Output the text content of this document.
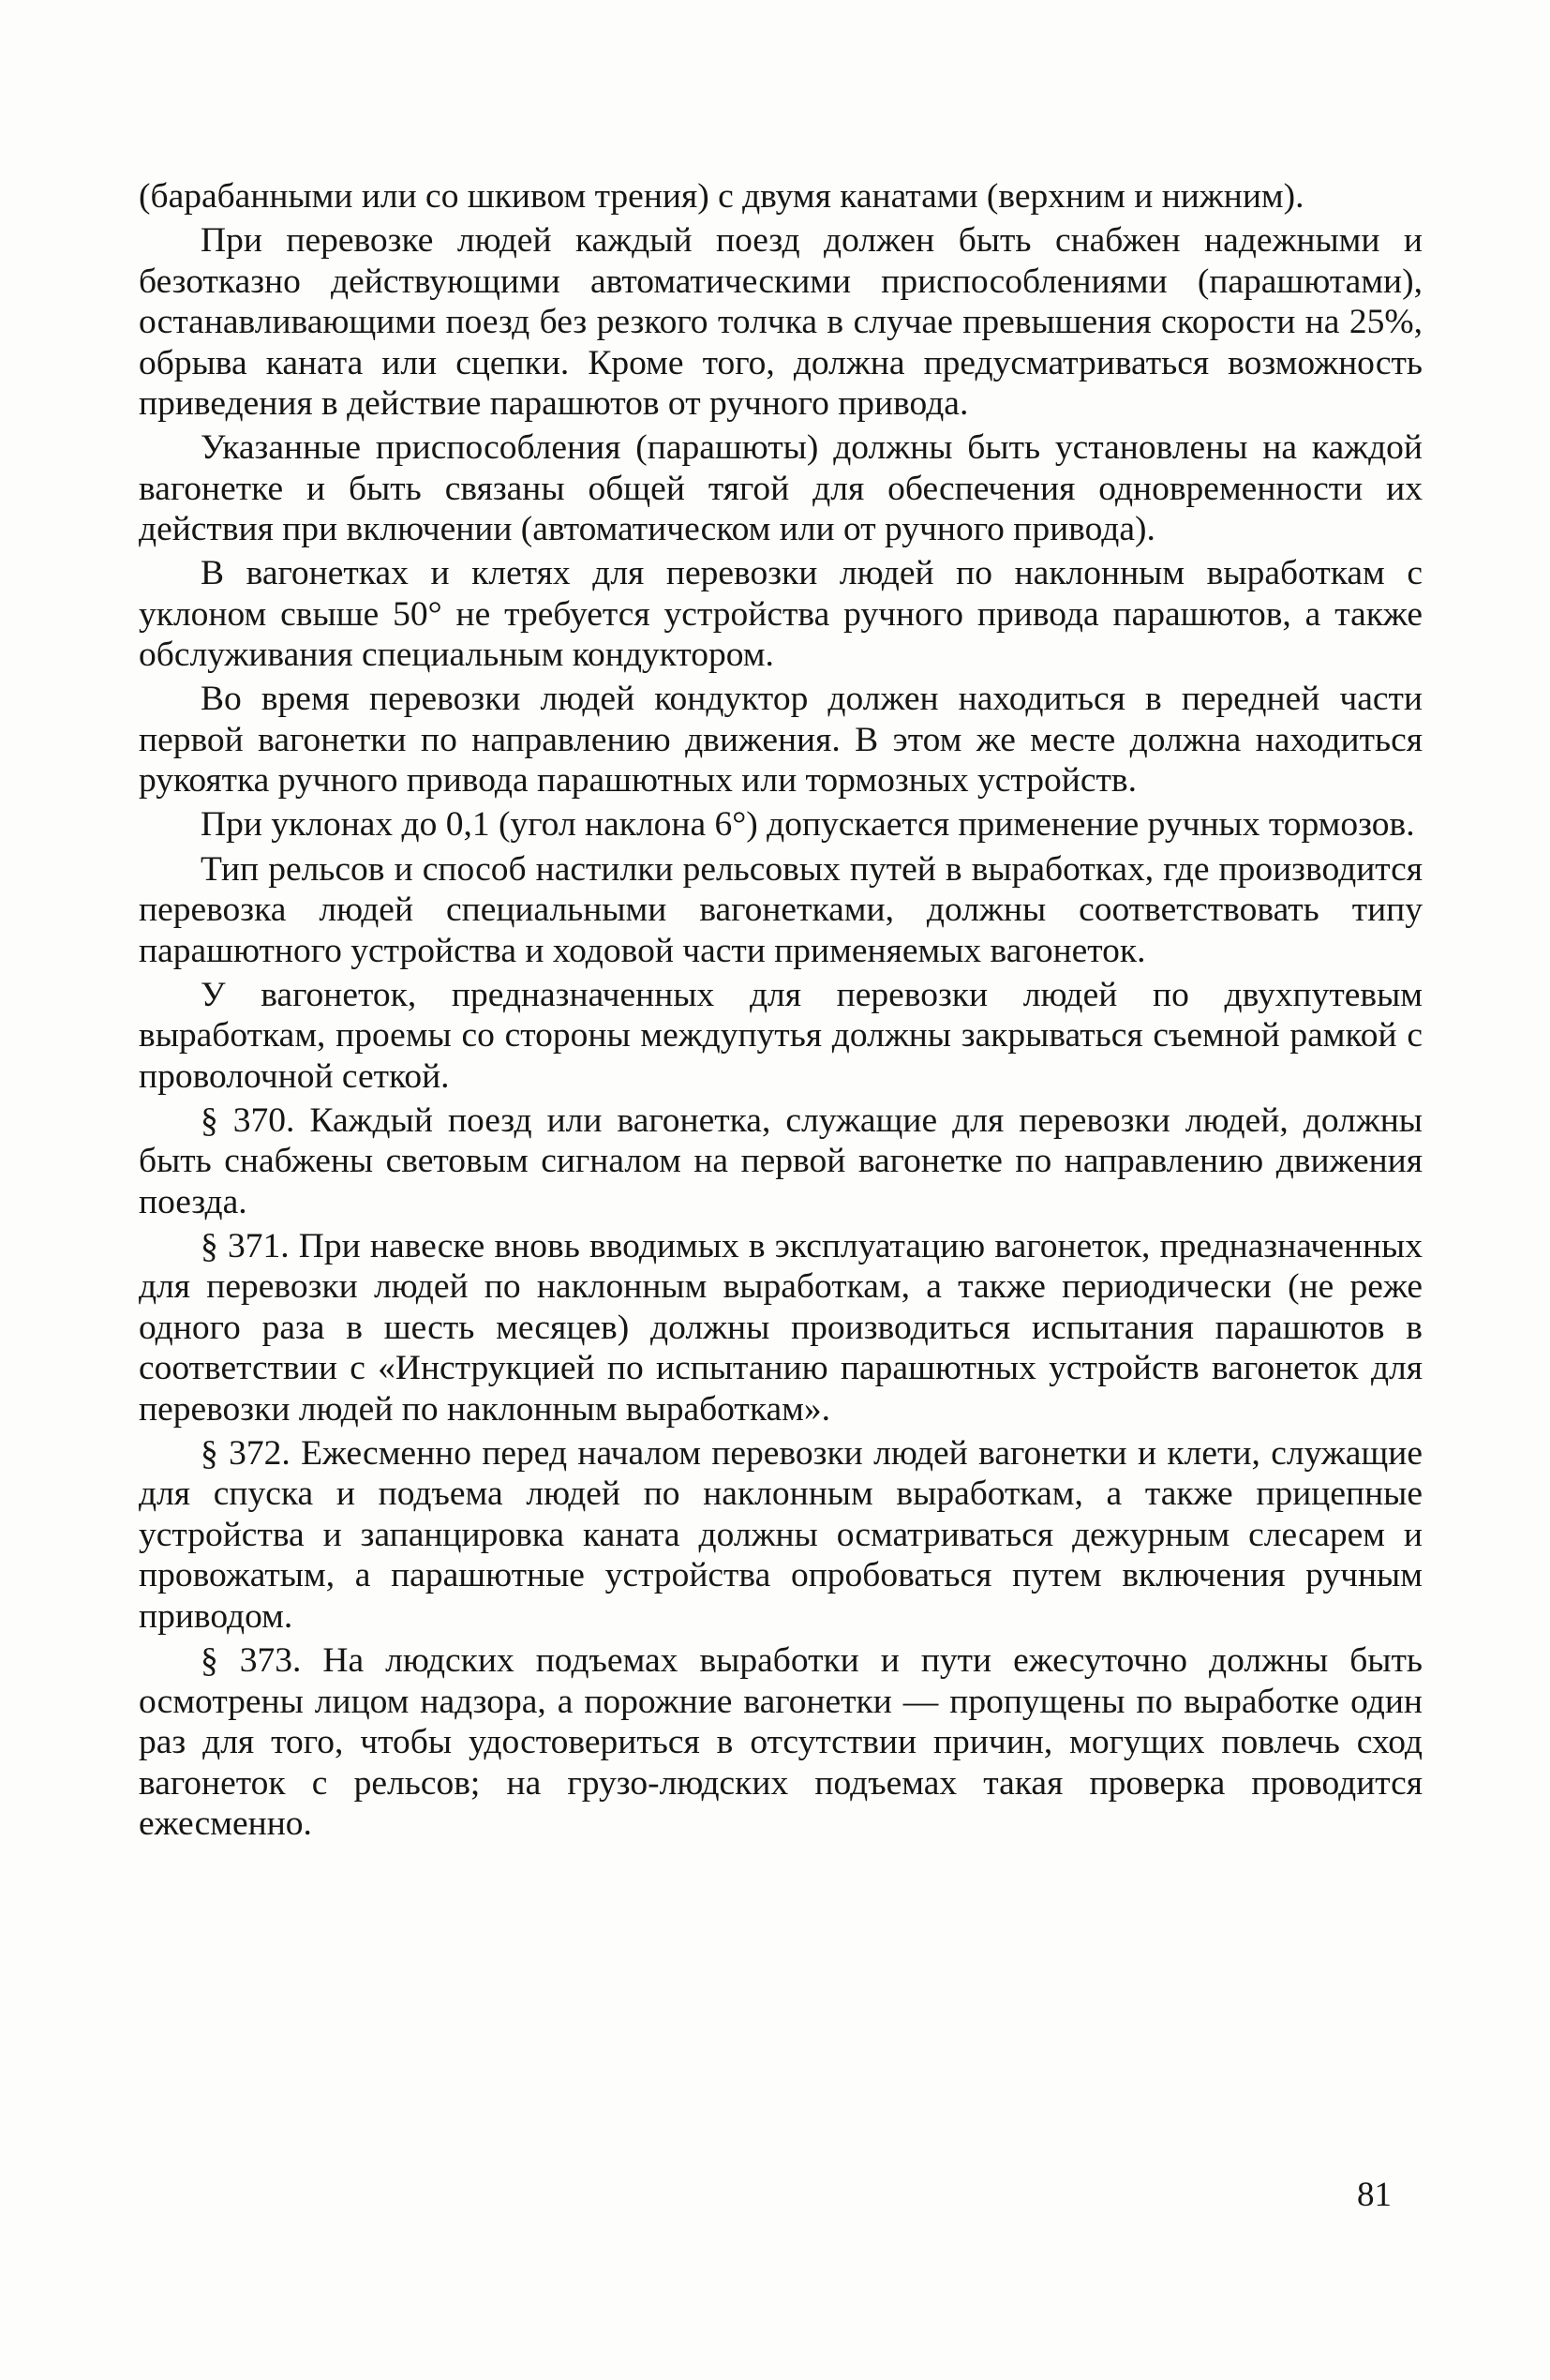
(барабанными или со шкивом трения) с двумя канатами (верхним и нижним).

При перевозке людей каждый поезд должен быть снабжен надежными и безотказно действующими автоматическими приспособлениями (парашютами), останавливающими поезд без резкого толчка в случае превышения скорости на 25%, обрыва каната или сцепки. Кроме того, должна предусматриваться возможность приведения в действие парашютов от ручного привода.

Указанные приспособления (парашюты) должны быть установлены на каждой вагонетке и быть связаны общей тягой для обеспечения одновременности их действия при включении (автоматическом или от ручного привода).

В вагонетках и клетях для перевозки людей по наклонным выработкам с уклоном свыше 50° не требуется устройства ручного привода парашютов, а также обслуживания специальным кондуктором.

Во время перевозки людей кондуктор должен находиться в передней части первой вагонетки по направлению движения. В этом же месте должна находиться рукоятка ручного привода парашютных или тормозных устройств.

При уклонах до 0,1 (угол наклона 6°) допускается применение ручных тормозов.

Тип рельсов и способ настилки рельсовых путей в выработках, где производится перевозка людей специальными вагонетками, должны соответствовать типу парашютного устройства и ходовой части применяемых вагонеток.

У вагонеток, предназначенных для перевозки людей по двухпутевым выработкам, проемы со стороны междупутья должны закрываться съемной рамкой с проволочной сеткой.

§ 370. Каждый поезд или вагонетка, служащие для перевозки людей, должны быть снабжены световым сигналом на первой вагонетке по направлению движения поезда.

§ 371. При навеске вновь вводимых в эксплуатацию вагонеток, предназначенных для перевозки людей по наклонным выработкам, а также периодически (не реже одного раза в шесть месяцев) должны производиться испытания парашютов в соответствии с «Инструкцией по испытанию парашютных устройств вагонеток для перевозки людей по наклонным выработкам».

§ 372. Ежесменно перед началом перевозки людей вагонетки и клети, служащие для спуска и подъема людей по наклонным выработкам, а также прицепные устройства и запанцировка каната должны осматриваться дежурным слесарем и провожатым, а парашютные устройства опробоваться путем включения ручным приводом.

§ 373. На людских подъемах выработки и пути ежесуточно должны быть осмотрены лицом надзора, а порожние вагонетки — пропущены по выработке один раз для того, чтобы удостовериться в отсутствии причин, могущих повлечь сход вагонеток с рельсов; на грузо-людских подъемах такая проверка проводится ежесменно.

81
